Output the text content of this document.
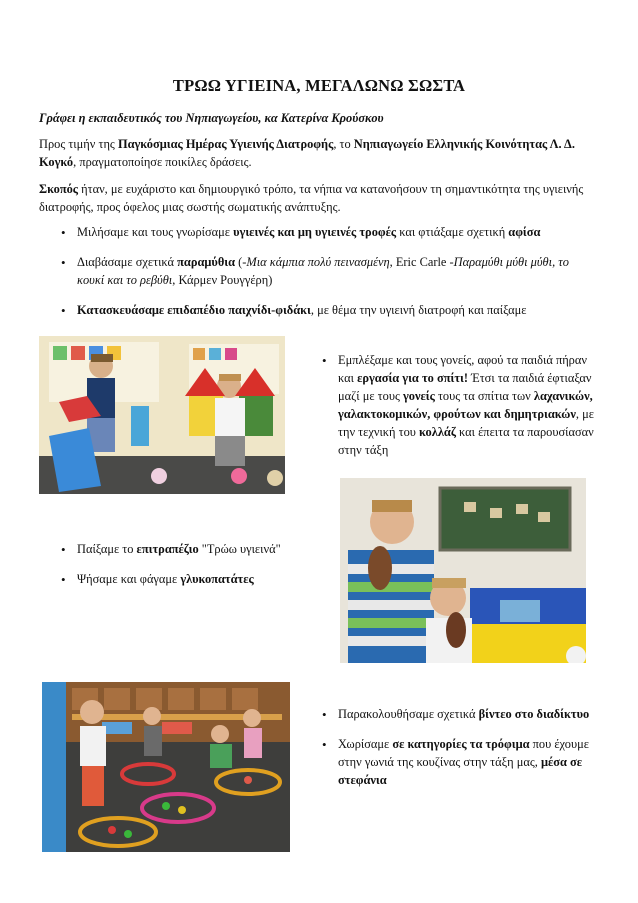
ΤΡΩΩ ΥΓΙΕΙΝΑ, ΜΕΓΑΛΩΝΩ ΣΩΣΤΑ
Γράφει η εκπαιδευτικός του Νηπιαγωγείου, κα Κατερίνα Κρούσκου
Προς τιμήν της Παγκόσμιας Ημέρας Υγιεινής Διατροφής, το Νηπιαγωγείο Ελληνικής Κοινότητας Λ. Δ. Κογκό, πραγματοποίησε ποικίλες δράσεις.
Σκοπός ήταν, με ευχάριστο και δημιουργικό τρόπο, τα νήπια να κατανοήσουν τη σημαντικότητα της υγιεινής διατροφής, προς όφελος μιας σωστής σωματικής ανάπτυξης.
• Μιλήσαμε και τους γνωρίσαμε υγιεινές και μη υγιεινές τροφές και φτιάξαμε σχετική αφίσα
• Διαβάσαμε σχετικά παραμύθια (-Μια κάμπια πολύ πεινασμένη, Eric Carle -Παραμύθι μύθι μύθι, το κουκί και το ρεβύθι, Κάρμεν Ρουγγέρη)
• Κατασκευάσαμε επιδαπέδιο παιχνίδι-φιδάκι, με θέμα την υγιεινή διατροφή και παίξαμε
• Εμπλέξαμε και τους γονείς, αφού τα παιδιά πήραν και εργασία για το σπίτι! Έτσι τα παιδιά έφτιαξαν μαζί με τους γονείς τους τα σπίτια των λαχανικών, γαλακτοκομικών, φρούτων και δημητριακών, με την τεχνική του κολλάζ και έπειτα τα παρουσίασαν στην τάξη
• Παίξαμε το επιτραπέζιο "Τρώω υγιεινά"
• Ψήσαμε και φάγαμε γλυκοπατάτες
• Παρακολουθήσαμε σχετικά βίντεο στο διαδίκτυο
• Χωρίσαμε σε κατηγορίες τα τρόφιμα που έχουμε στην γωνιά της κουζίνας στην τάξη μας, μέσα σε στεφάνια
